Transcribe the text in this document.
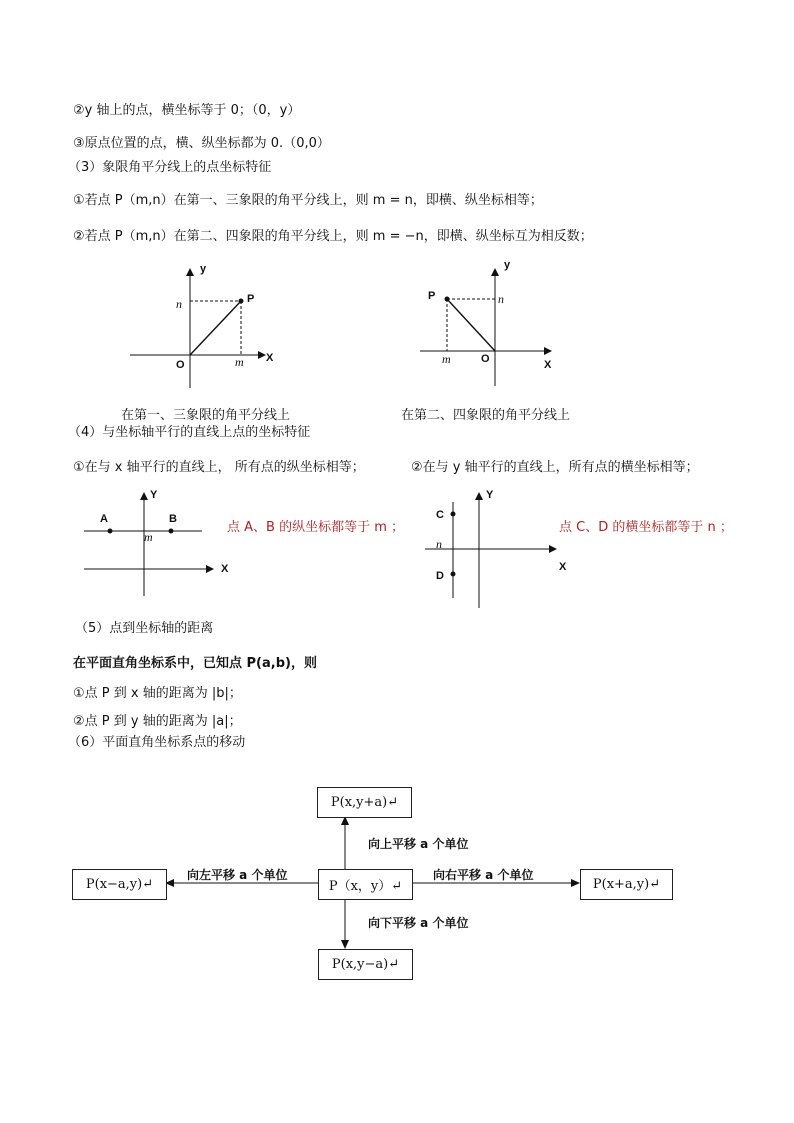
②y 轴上的点，横坐标等于 0；（0，y）
③原点位置的点，横、纵坐标都为 0.（0,0）
（3）象限角平分线上的点坐标特征
①若点 P（m,n）在第一、三象限的角平分线上，则 m = n，即横、纵坐标相等；
②若点 P（m,n）在第二、四象限的角平分线上，则 m = −n，即横、纵坐标互为相反数；
y
X
O
P
n
m
在第一、三象限的角平分线上
y
X
O
P	n
m
在第二、四象限的角平分线上
（4）与坐标轴平行的直线上点的坐标特征
①在与 x 轴平行的直线上， 所有点的纵坐标相等；	②在与 y 轴平行的直线上，所有点的横坐标相等；
Y
X
A	B
m
点 A、B 的纵坐标都等于 m ；
Y
X
C
D
n
点 C、D 的横坐标都等于 n ；
（5）点到坐标轴的距离
在平面直角坐标系中，已知点 P(a,b)，则
①点 P 到 x 轴的距离为 |b|；
②点 P 到 y 轴的距离为 |a|；
（6）平面直角坐标系点的移动
P(x,y+a)↵
P（x，y）↵
P(x,y−a)↵
P(x−a,y)↵	P(x+a,y)↵
向上平移 a 个单位
向下平移 a 个单位
向左平移 a 个单位	向右平移 a 个单位
